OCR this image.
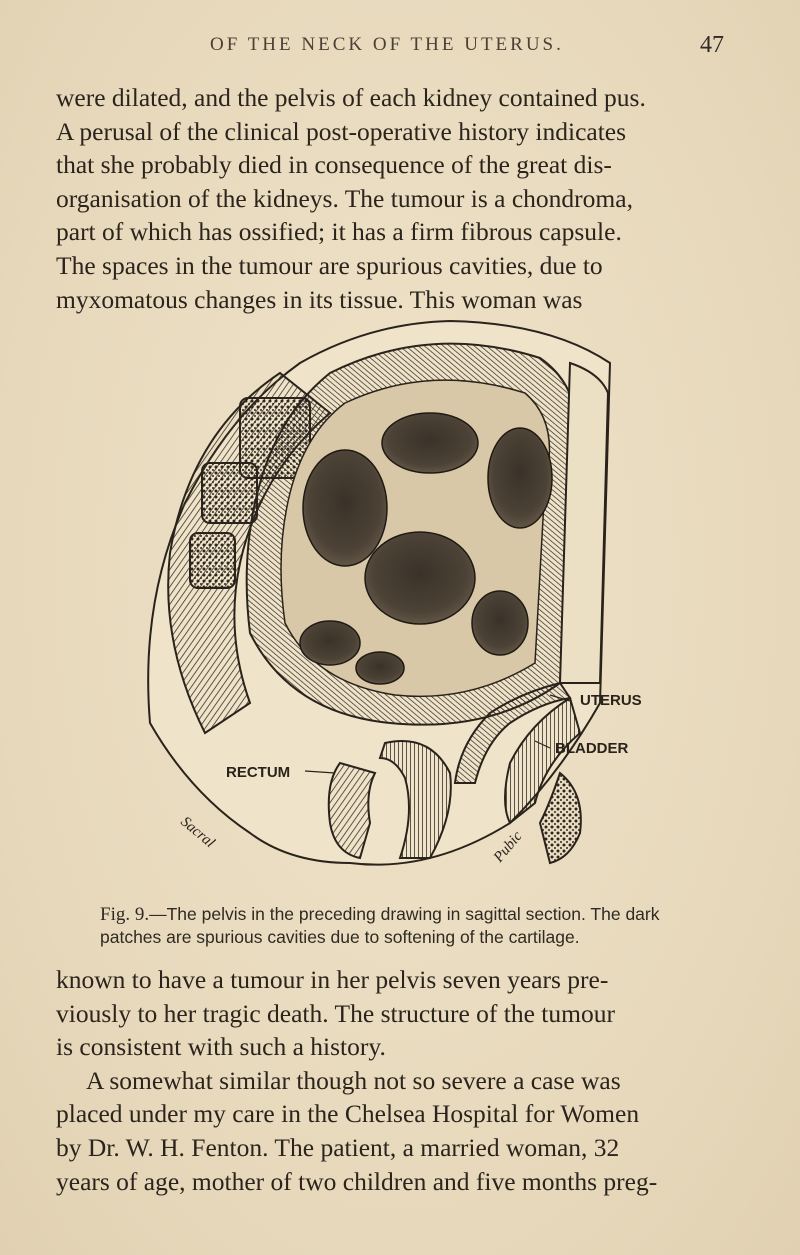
OF THE NECK OF THE UTERUS.	47
were dilated, and the pelvis of each kidney contained pus.
A perusal of the clinical post-operative history indicates
that she probably died in consequence of the great dis-
organisation of the kidneys. The tumour is a chondroma,
part of which has ossified; it has a firm fibrous capsule.
The spaces in the tumour are spurious cavities, due to
myxomatous changes in its tissue. This woman was
UTERUS
BLADDER
RECTUM
Sacral	Pubic
Fig. 9.—The pelvis in the preceding drawing in sagittal section. The dark patches are spurious cavities due to softening of the cartilage.
known to have a tumour in her pelvis seven years pre-
viously to her tragic death. The structure of the tumour
is consistent with such a history.
A somewhat similar though not so severe a case was
placed under my care in the Chelsea Hospital for Women
by Dr. W. H. Fenton. The patient, a married woman, 32
years of age, mother of two children and five months preg-
